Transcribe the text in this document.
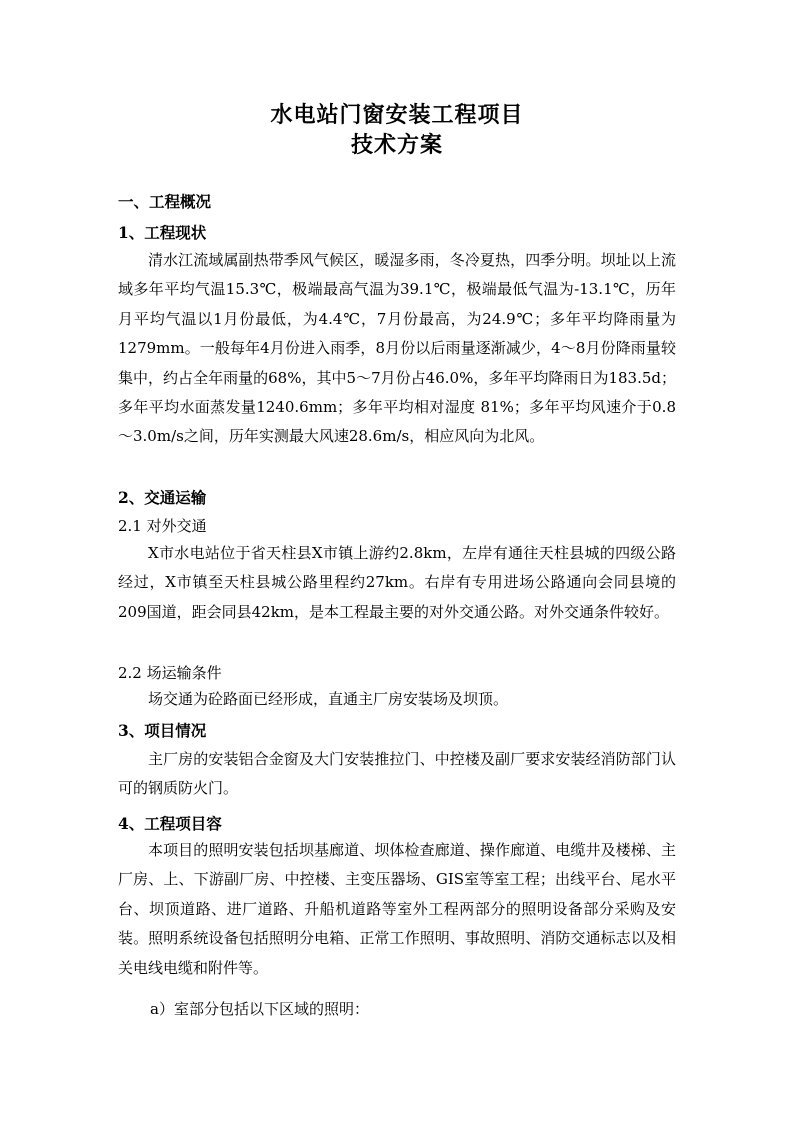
水电站门窗安装工程项目
技术方案
一、工程概况
1、工程现状

清水江流域属副热带季风气候区，暖湿多雨，冬冷夏热，四季分明。坝址以上流域多年平均气温15.3℃，极端最高气温为39.1℃，极端最低气温为-13.1℃，历年月平均气温以1月份最低，为4.4℃，7月份最高，为24.9℃；多年平均降雨量为 1279mm。一般每年4月份进入雨季，8月份以后雨量逐渐减少，4～8月份降雨量较集中，约占全年雨量的68%，其中5～7月份占46.0%，多年平均降雨日为183.5d；多年平均水面蒸发量1240.6mm；多年平均相对湿度 81%；多年平均风速介于0.8～3.0m/s之间，历年实测最大风速28.6m/s，相应风向为北风。

2、交通运输
2.1 对外交通

X市水电站位于省天柱县X市镇上游约2.8km，左岸有通往天柱县城的四级公路经过，X市镇至天柱县城公路里程约27km。右岸有专用进场公路通向会同县境的209国道，距会同县42km，是本工程最主要的对外交通公路。对外交通条件较好。

2.2 场运输条件

场交通为砼路面已经形成，直通主厂房安装场及坝顶。

3、项目情况

主厂房的安装铝合金窗及大门安装推拉门、中控楼及副厂要求安装经消防部门认可的钢质防火门。

4、工程项目容

本项目的照明安装包括坝基廊道、坝体检查廊道、操作廊道、电缆井及楼梯、主厂房、上、下游副厂房、中控楼、主变压器场、GIS室等室工程；出线平台、尾水平台、坝顶道路、进厂道路、升船机道路等室外工程两部分的照明设备部分采购及安装。照明系统设备包括照明分电箱、正常工作照明、事故照明、消防交通标志以及相关电线电缆和附件等。

a）室部分包括以下区域的照明：
